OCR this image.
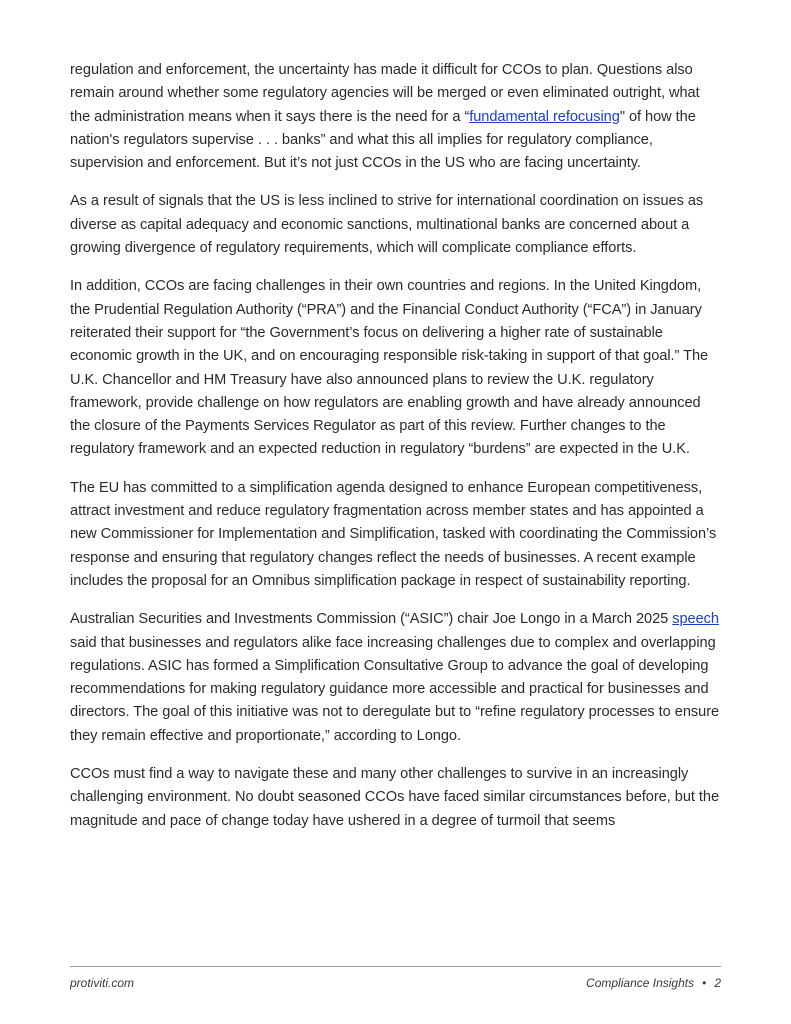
regulation and enforcement, the uncertainty has made it difficult for CCOs to plan. Questions also remain around whether some regulatory agencies will be merged or even eliminated outright, what the administration means when it says there is the need for a “fundamental refocusing" of how the nation's regulators supervise . . . banks” and what this all implies for regulatory compliance, supervision and enforcement. But it’s not just CCOs in the US who are facing uncertainty.

As a result of signals that the US is less inclined to strive for international coordination on issues as diverse as capital adequacy and economic sanctions, multinational banks are concerned about a growing divergence of regulatory requirements, which will complicate compliance efforts.

In addition, CCOs are facing challenges in their own countries and regions. In the United Kingdom, the Prudential Regulation Authority (“PRA”) and the Financial Conduct Authority (“FCA”) in January reiterated their support for “the Government’s focus on delivering a higher rate of sustainable economic growth in the UK, and on encouraging responsible risk-taking in support of that goal.” The U.K. Chancellor and HM Treasury have also announced plans to review the U.K. regulatory framework, provide challenge on how regulators are enabling growth and have already announced the closure of the Payments Services Regulator as part of this review. Further changes to the regulatory framework and an expected reduction in regulatory “burdens” are expected in the U.K.

The EU has committed to a simplification agenda designed to enhance European competitiveness, attract investment and reduce regulatory fragmentation across member states and has appointed a new Commissioner for Implementation and Simplification, tasked with coordinating the Commission’s response and ensuring that regulatory changes reflect the needs of businesses. A recent example includes the proposal for an Omnibus simplification package in respect of sustainability reporting.

Australian Securities and Investments Commission (“ASIC”) chair Joe Longo in a March 2025 speech said that businesses and regulators alike face increasing challenges due to complex and overlapping regulations. ASIC has formed a Simplification Consultative Group to advance the goal of developing recommendations for making regulatory guidance more accessible and practical for businesses and directors. The goal of this initiative was not to deregulate but to “refine regulatory processes to ensure they remain effective and proportionate,” according to Longo.

CCOs must find a way to navigate these and many other challenges to survive in an increasingly challenging environment. No doubt seasoned CCOs have faced similar circumstances before, but the magnitude and pace of change today have ushered in a degree of turmoil that seems

protiviti.com	Compliance Insights • 2
